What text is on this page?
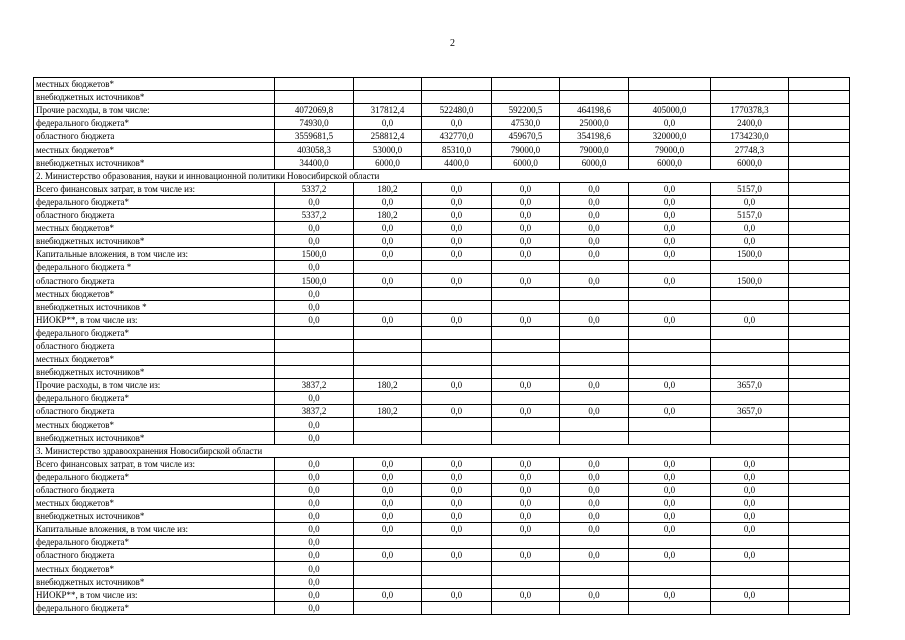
2
местных бюджетов*								
внебюджетных источников*								
Прочие расходы, в том числе:	4072069,8	317812,4	522480,0	592200,5	464198,6	405000,0	1770378,3	
федерального бюджета*	74930,0	0,0	0,0	47530,0	25000,0	0,0	2400,0	
областного бюджета	3559681,5	258812,4	432770,0	459670,5	354198,6	320000,0	1734230,0	
местных бюджетов*	403058,3	53000,0	85310,0	79000,0	79000,0	79000,0	27748,3	
внебюджетных источников*	34400,0	6000,0	4400,0	6000,0	6000,0	6000,0	6000,0	
2. Министерство образования, науки и инновационной политики Новосибирской области								
Всего финансовых затрат, в том числе из:	5337,2	180,2	0,0	0,0	0,0	0,0	5157,0	
федерального бюджета*	0,0	0,0	0,0	0,0	0,0	0,0	0,0	
областного бюджета	5337,2	180,2	0,0	0,0	0,0	0,0	5157,0	
местных бюджетов*	0,0	0,0	0,0	0,0	0,0	0,0	0,0	
внебюджетных источников*	0,0	0,0	0,0	0,0	0,0	0,0	0,0	
Капитальные вложения, в том числе из:	1500,0	0,0	0,0	0,0	0,0	0,0	1500,0	
федерального бюджета *	0,0							
областного бюджета	1500,0	0,0	0,0	0,0	0,0	0,0	1500,0	
местных бюджетов*	0,0							
внебюджетных источников *	0,0							
НИОКР**, в том числе из:	0,0	0,0	0,0	0,0	0,0	0,0	0,0	
федерального бюджета*								
областного бюджета								
местных бюджетов*								
внебюджетных источников*								
Прочие расходы, в том числе из:	3837,2	180,2	0,0	0,0	0,0	0,0	3657,0	
федерального бюджета*	0,0							
областного бюджета	3837,2	180,2	0,0	0,0	0,0	0,0	3657,0	
местных бюджетов*	0,0							
внебюджетных источников*	0,0							
3. Министерство здравоохранения Новосибирской области								
Всего финансовых затрат, в том числе из:	0,0	0,0	0,0	0,0	0,0	0,0	0,0	
федерального бюджета*	0,0	0,0	0,0	0,0	0,0	0,0	0,0	
областного бюджета	0,0	0,0	0,0	0,0	0,0	0,0	0,0	
местных бюджетов*	0,0	0,0	0,0	0,0	0,0	0,0	0,0	
внебюджетных источников*	0,0	0,0	0,0	0,0	0,0	0,0	0,0	
Капитальные вложения, в том числе из:	0,0	0,0	0,0	0,0	0,0	0,0	0,0	
федерального бюджета*	0,0							
областного бюджета	0,0	0,0	0,0	0,0	0,0	0,0	0,0	
местных бюджетов*	0,0							
внебюджетных источников*	0,0							
НИОКР**, в том числе из:	0,0	0,0	0,0	0,0	0,0	0,0	0,0	
федерального бюджета*	0,0							
